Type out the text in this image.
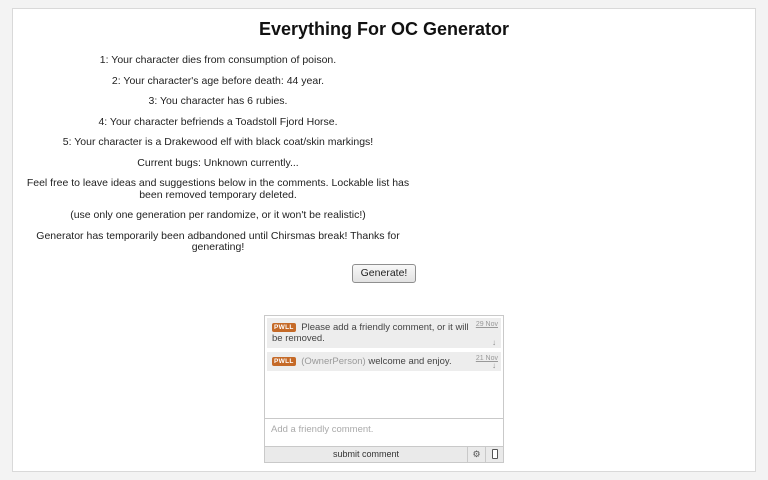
Everything For OC Generator

1: Your character dies from consumption of poison.

2: Your character's age before death: 44 year.

3: You character has 6 rubies.

4: Your character befriends a Toadstoll Fjord Horse.

5: Your character is a Drakewood elf with black coat/skin markings!

Current bugs: Unknown currently...

Feel free to leave ideas and suggestions below in the comments. Lockable list has been removed temporary deleted.

(use only one generation per randomize, or it won't be realistic!)

Generator has temporarily been adbandoned until Chirsmas break! Thanks for generating!

Generate!
PWLL Please add a friendly comment, or it will be removed.
29 Nov
↓
PWLL (OwnerPerson) welcome and enjoy.	21 Nov
↓
Add a friendly comment.
submit comment	⚙
